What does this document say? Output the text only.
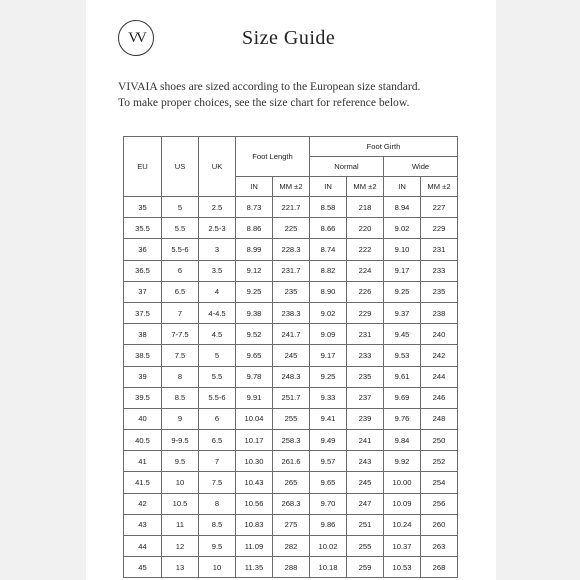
VV	Size Guide
VIVAIA shoes are sized according to the European size standard.
To make proper choices, see the size chart for reference below.
EU	US	UK	Foot Length		Foot Girth			
					Normal		Wide	
			IN	MM ±2	IN	MM ±2	IN	MM ±2
35	5	2.5	8.73	221.7	8.58	218	8.94	227
35.5	5.5	2.5-3	8.86	225	8.66	220	9.02	229
36	5.5-6	3	8.99	228.3	8.74	222	9.10	231
36.5	6	3.5	9.12	231.7	8.82	224	9.17	233
37	6.5	4	9.25	235	8.90	226	9.25	235
37.5	7	4-4.5	9.38	238.3	9.02	229	9.37	238
38	7-7.5	4.5	9.52	241.7	9.09	231	9.45	240
38.5	7.5	5	9.65	245	9.17	233	9.53	242
39	8	5.5	9.78	248.3	9.25	235	9.61	244
39.5	8.5	5.5-6	9.91	251.7	9.33	237	9.69	246
40	9	6	10.04	255	9.41	239	9.76	248
40.5	9-9.5	6.5	10.17	258.3	9.49	241	9.84	250
41	9.5	7	10.30	261.6	9.57	243	9.92	252
41.5	10	7.5	10.43	265	9.65	245	10.00	254
42	10.5	8	10.56	268.3	9.70	247	10.09	256
43	11	8.5	10.83	275	9.86	251	10.24	260
44	12	9.5	11.09	282	10.02	255	10.37	263
45	13	10	11.35	288	10.18	259	10.53	268
